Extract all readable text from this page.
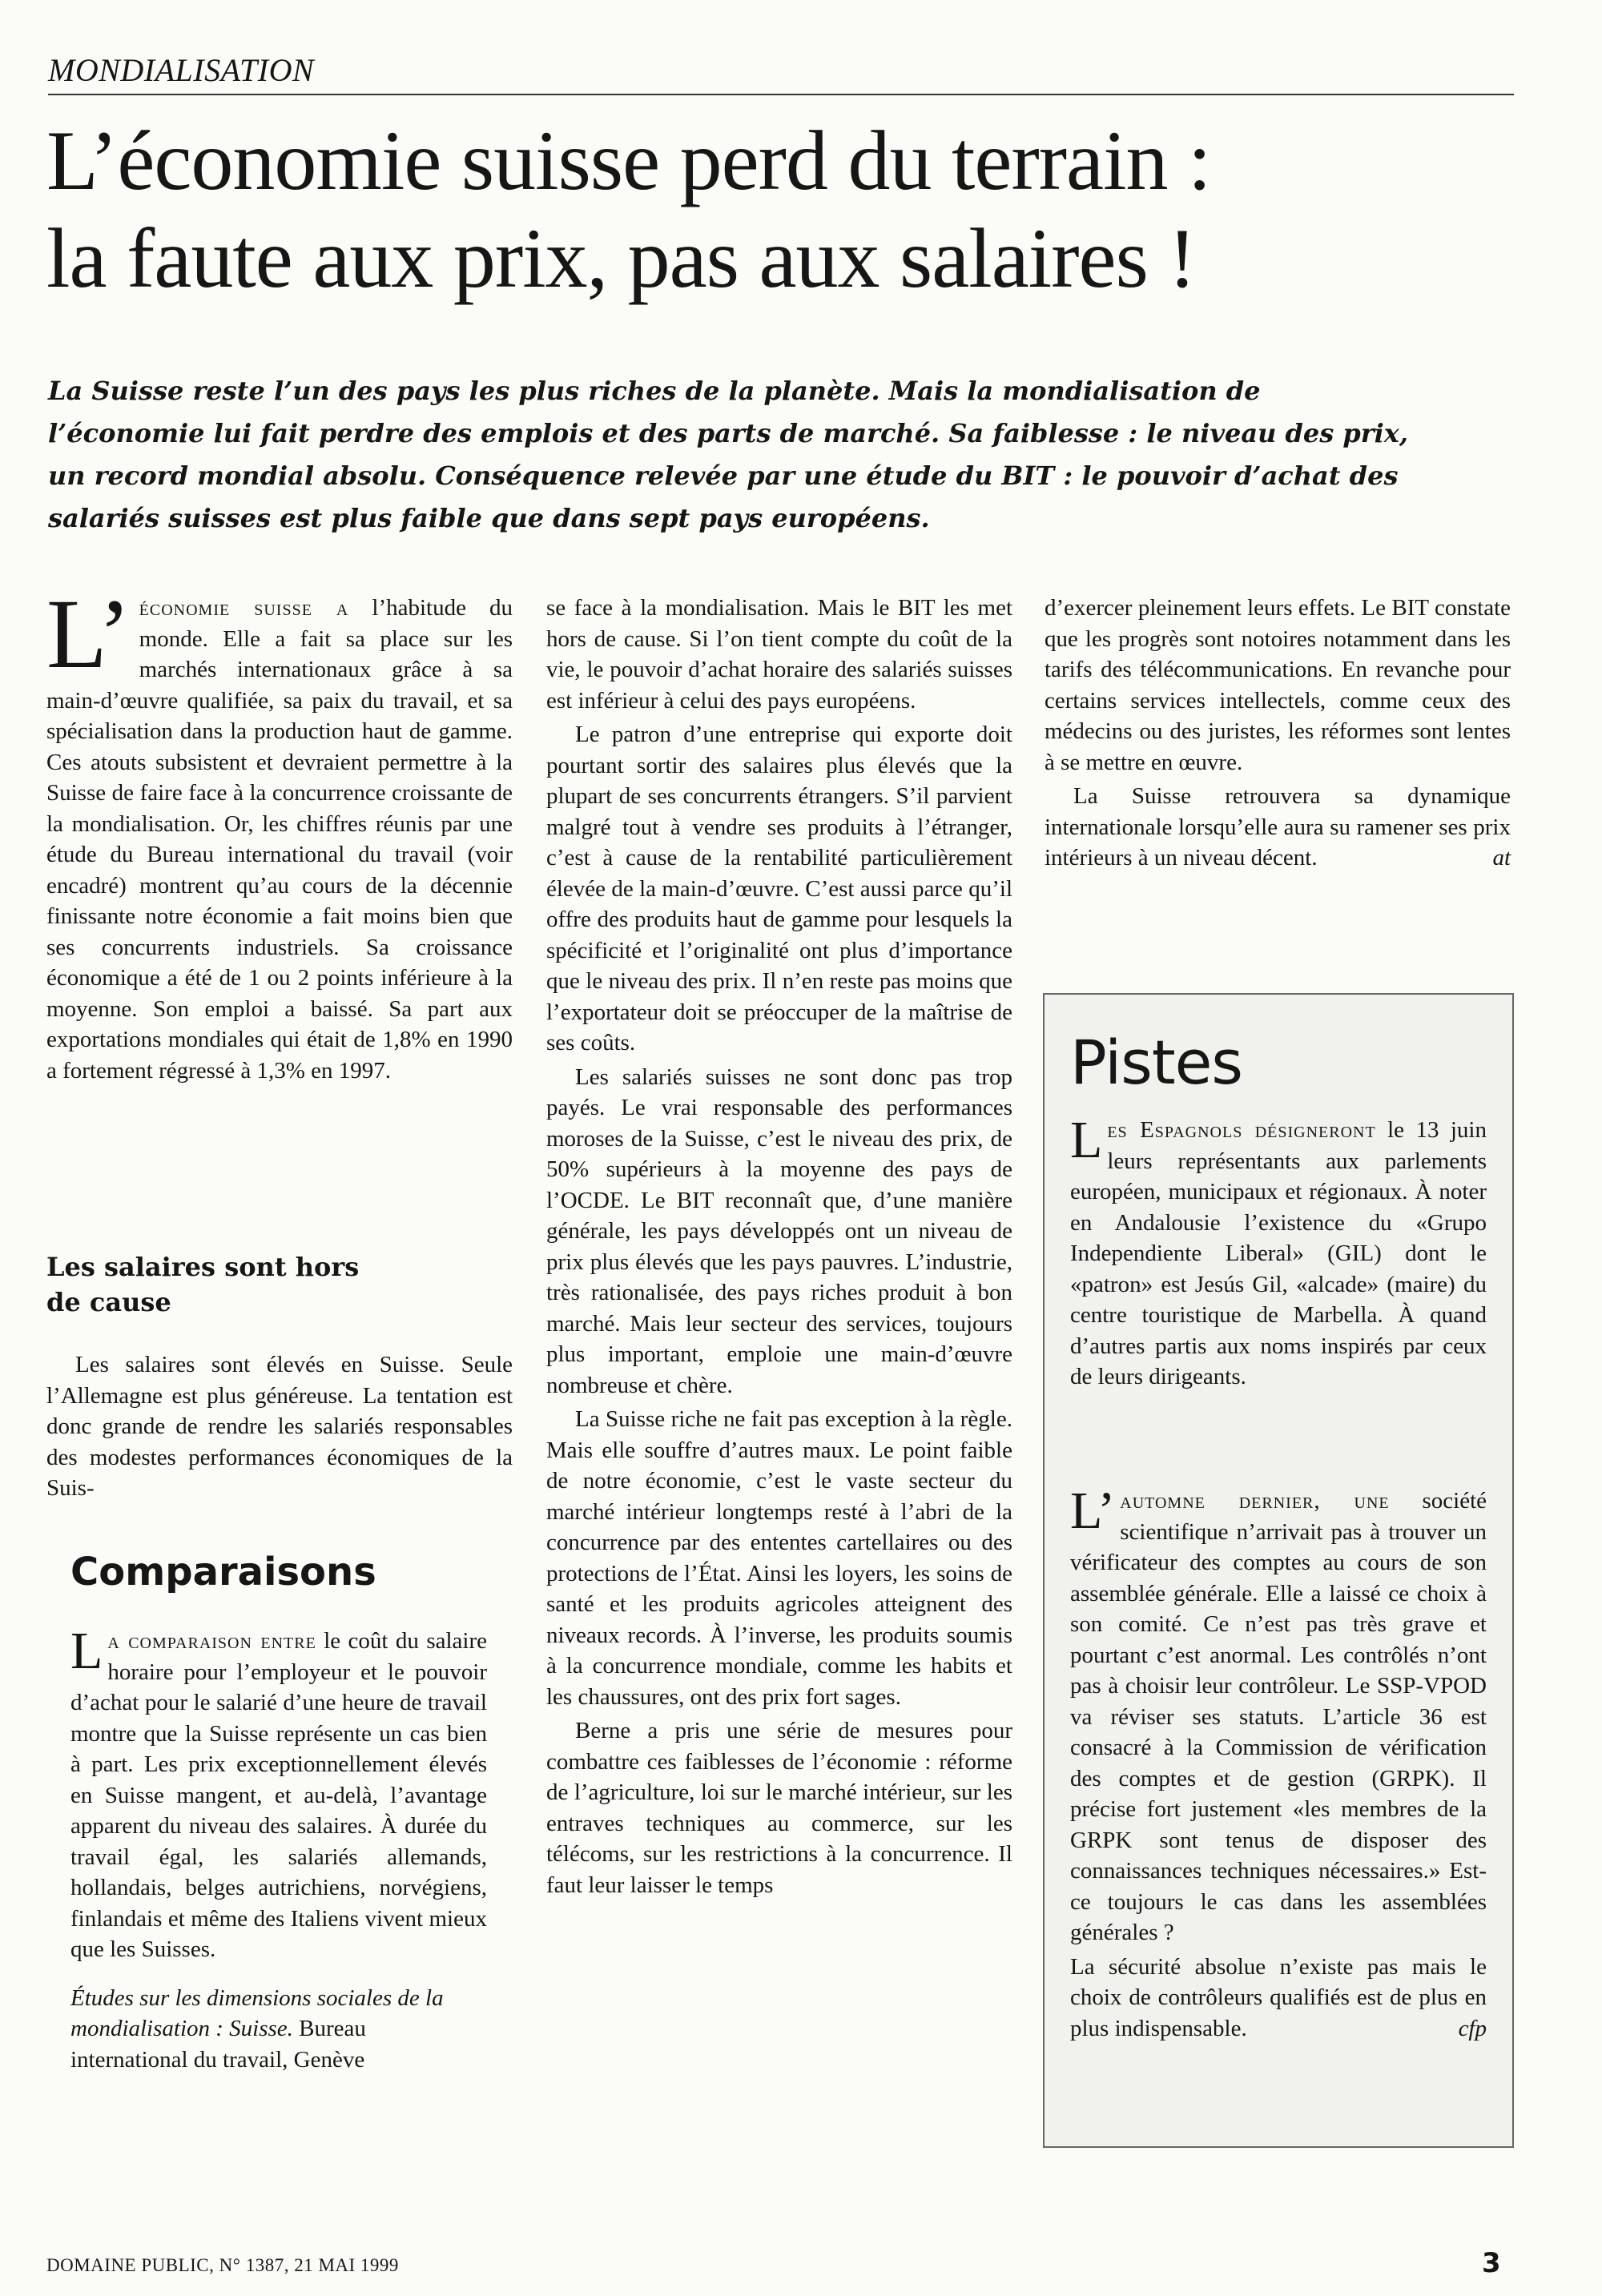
MONDIALISATION
L’économie suisse perd du terrain :
la faute aux prix, pas aux salaires !
La Suisse reste l’un des pays les plus riches de la planète. Mais la mondialisation de l’économie lui fait perdre des emplois et des parts de marché. Sa faiblesse : le niveau des prix, un record mondial absolu. Conséquence relevée par une étude du BIT : le pouvoir d’achat des salariés suisses est plus faible que dans sept pays européens.

L’ économie suisse a l’habitude du monde. Elle a fait sa place sur les marchés internationaux grâce à sa main-d’œuvre qualifiée, sa paix du travail, et sa spécialisation dans la production haut de gamme. Ces atouts subsistent et devraient permettre à la Suisse de faire face à la concurrence croissante de la mondialisation. Or, les chiffres réunis par une étude du Bureau international du travail (voir encadré) montrent qu’au cours de la décennie finissante notre économie a fait moins bien que ses concurrents industriels. Sa croissance économique a été de 1 ou 2 points inférieure à la moyenne. Son emploi a baissé. Sa part aux exportations mondiales qui était de 1,8% en 1990 a fortement régressé à 1,3% en 1997.

Les salaires sont hors de cause

Les salaires sont élevés en Suisse. Seule l’Allemagne est plus généreuse. La tentation est donc grande de rendre les salariés responsables des modestes performances économiques de la Suis-

Comparaisons

La comparaison entre le coût du salaire horaire pour l’employeur et le pouvoir d’achat pour le salarié d’une heure de travail montre que la Suisse représente un cas bien à part. Les prix exceptionnellement élevés en Suisse mangent, et au-delà, l’avantage apparent du niveau des salaires. À durée du travail égal, les salariés allemands, hollandais, belges autrichiens, norvégiens, finlandais et même des Italiens vivent mieux que les Suisses.

Études sur les dimensions sociales de la mondialisation : Suisse. Bureau international du travail, Genève

se face à la mondialisation. Mais le BIT les met hors de cause. Si l’on tient compte du coût de la vie, le pouvoir d’achat horaire des salariés suisses est inférieur à celui des pays européens.

Le patron d’une entreprise qui exporte doit pourtant sortir des salaires plus élevés que la plupart de ses concurrents étrangers. S’il parvient malgré tout à vendre ses produits à l’étranger, c’est à cause de la rentabilité particulièrement élevée de la main-d’œuvre. C’est aussi parce qu’il offre des produits haut de gamme pour lesquels la spécificité et l’originalité ont plus d’importance que le niveau des prix. Il n’en reste pas moins que l’exportateur doit se préoccuper de la maîtrise de ses coûts.

Les salariés suisses ne sont donc pas trop payés. Le vrai responsable des performances moroses de la Suisse, c’est le niveau des prix, de 50% supérieurs à la moyenne des pays de l’OCDE. Le BIT reconnaît que, d’une manière générale, les pays développés ont un niveau de prix plus élevés que les pays pauvres. L’industrie, très rationalisée, des pays riches produit à bon marché. Mais leur secteur des services, toujours plus important, emploie une main-d’œuvre nombreuse et chère.

La Suisse riche ne fait pas exception à la règle. Mais elle souffre d’autres maux. Le point faible de notre économie, c’est le vaste secteur du marché intérieur longtemps resté à l’abri de la concurrence par des ententes cartellaires ou des protections de l’État. Ainsi les loyers, les soins de santé et les produits agricoles atteignent des niveaux records. À l’inverse, les produits soumis à la concurrence mondiale, comme les habits et les chaussures, ont des prix fort sages.

Berne a pris une série de mesures pour combattre ces faiblesses de l’économie : réforme de l’agriculture, loi sur le marché intérieur, sur les entraves techniques au commerce, sur les télécoms, sur les restrictions à la concurrence. Il faut leur laisser le temps

d’exercer pleinement leurs effets. Le BIT constate que les progrès sont notoires notamment dans les tarifs des télécommunications. En revanche pour certains services intellectels, comme ceux des médecins ou des juristes, les réformes sont lentes à se mettre en œuvre.

La Suisse retrouvera sa dynamique internationale lorsqu’elle aura su ramener ses prix intérieurs à un niveau décent.	at

Pistes

Les Espagnols désigneront le 13 juin leurs représentants aux parlements européen, municipaux et régionaux. À noter en Andalousie l’existence du «Grupo Independiente Liberal» (GIL) dont le «patron» est Jesús Gil, «alcade» (maire) du centre touristique de Marbella. À quand d’autres partis aux noms inspirés par ceux de leurs dirigeants.

L’ automne dernier, une société scientifique n’arrivait pas à trouver un vérificateur des comptes au cours de son assemblée générale. Elle a laissé ce choix à son comité. Ce n’est pas très grave et pourtant c’est anormal. Les contrôlés n’ont pas à choisir leur contrôleur. Le SSP-VPOD va réviser ses statuts. L’article 36 est consacré à la Commission de vérification des comptes et de gestion (GRPK). Il précise fort justement «les membres de la GRPK sont tenus de disposer des connaissances techniques nécessaires.» Est-ce toujours le cas dans les assemblées générales ?

La sécurité absolue n’existe pas mais le choix de contrôleurs qualifiés est de plus en plus indispensable.	cfp

DOMAINE PUBLIC, N° 1387, 21 MAI 1999	3
